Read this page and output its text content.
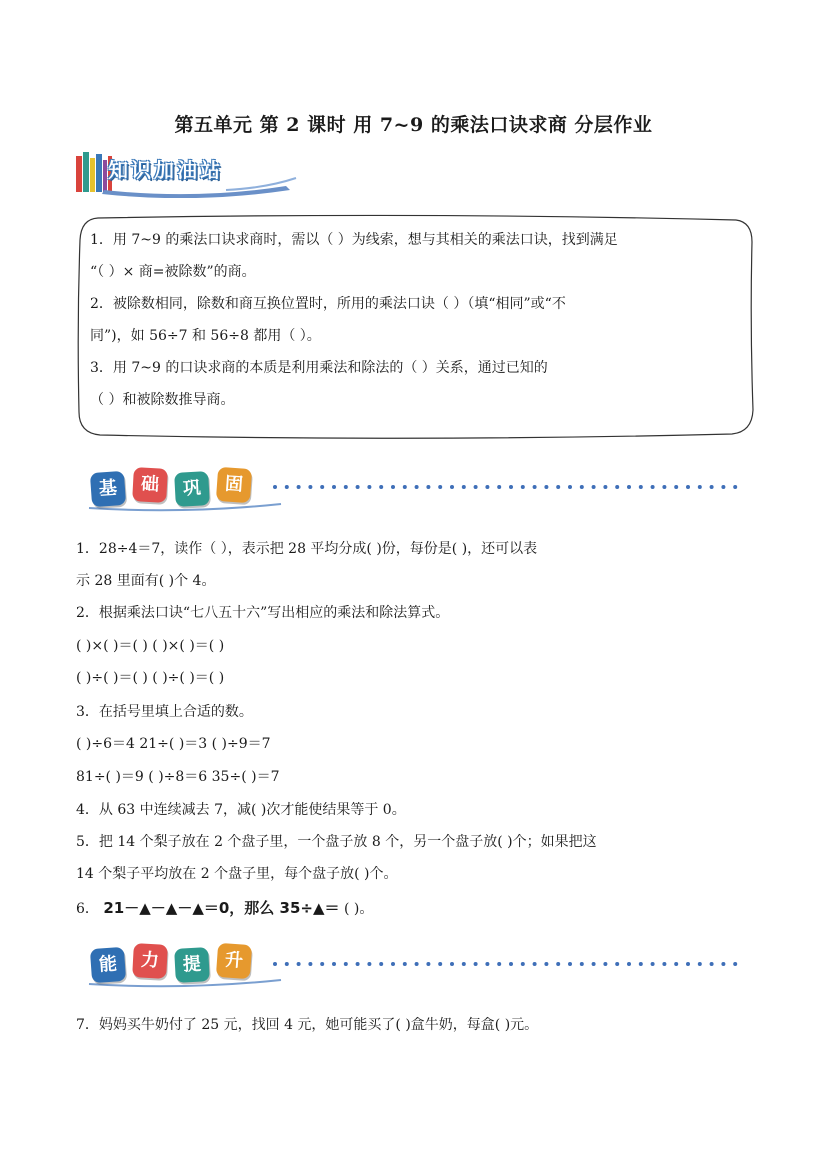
第五单元 第 2 课时 用 7~9 的乘法口诀求商 分层作业
知识加油站
1．用 7~9 的乘法口诀求商时，需以（ ）为线索，想与其相关的乘法口诀，找到满足
“（ ）× 商=被除数”的商。
2．被除数相同，除数和商互换位置时，所用的乘法口诀（ ）（填“相同”或“不
同”)，如 56÷7 和 56÷8 都用（ ）。
3．用 7~9 的口诀求商的本质是利用乘法和除法的（ ）关系，通过已知的
（ ）和被除数推导商。
基	础	巩	固
1．28÷4＝7，读作（ ），表示把 28 平均分成( )份，每份是( )，还可以表
示 28 里面有( )个 4。
2．根据乘法口诀“七八五十六”写出相应的乘法和除法算式。
( )×( )＝( ) ( )×( )＝( )
( )÷( )＝( ) ( )÷( )＝( )
3．在括号里填上合适的数。
( )÷6＝4 21÷( )＝3 ( )÷9＝7
81÷( )＝9 ( )÷8＝6 35÷( )＝7
4．从 63 中连续减去 7，减( )次才能使结果等于 0。
5．把 14 个梨子放在 2 个盘子里，一个盘子放 8 个，另一个盘子放( )个；如果把这
14 个梨子平均放在 2 个盘子里，每个盘子放( )个。
6． 21－▲－▲－▲＝0，那么 35÷▲＝ ( )。
能	力	提	升
7．妈妈买牛奶付了 25 元，找回 4 元，她可能买了( )盒牛奶，每盒( )元。
